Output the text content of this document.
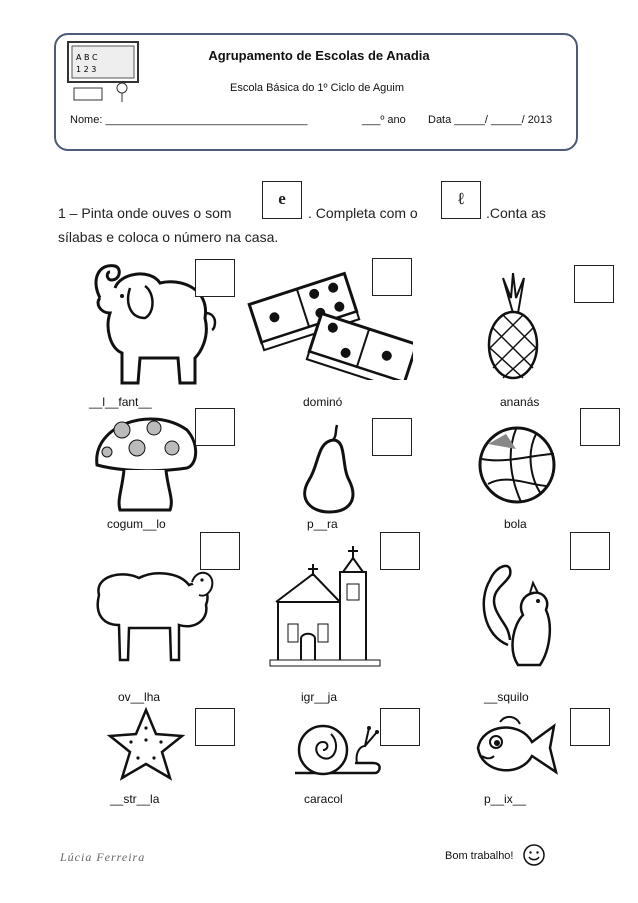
A B C
1 2 3
Agrupamento de Escolas de Anadia
Escola Básica do 1º Ciclo de Aguim
Nome: _________________________________	___º ano Data _____/ _____/ 2013
1 – Pinta onde ouves o som
e
. Completa com o
ℓ
.Conta as
sílabas e coloca o número na casa.
__l__fant__	dominó	ananás
cogum__lo	p__ra	bola
ov__lha	igr__ja	__squilo
__str__la	caracol	p__ix__
Lúcia Ferreira	Bom trabalho!
